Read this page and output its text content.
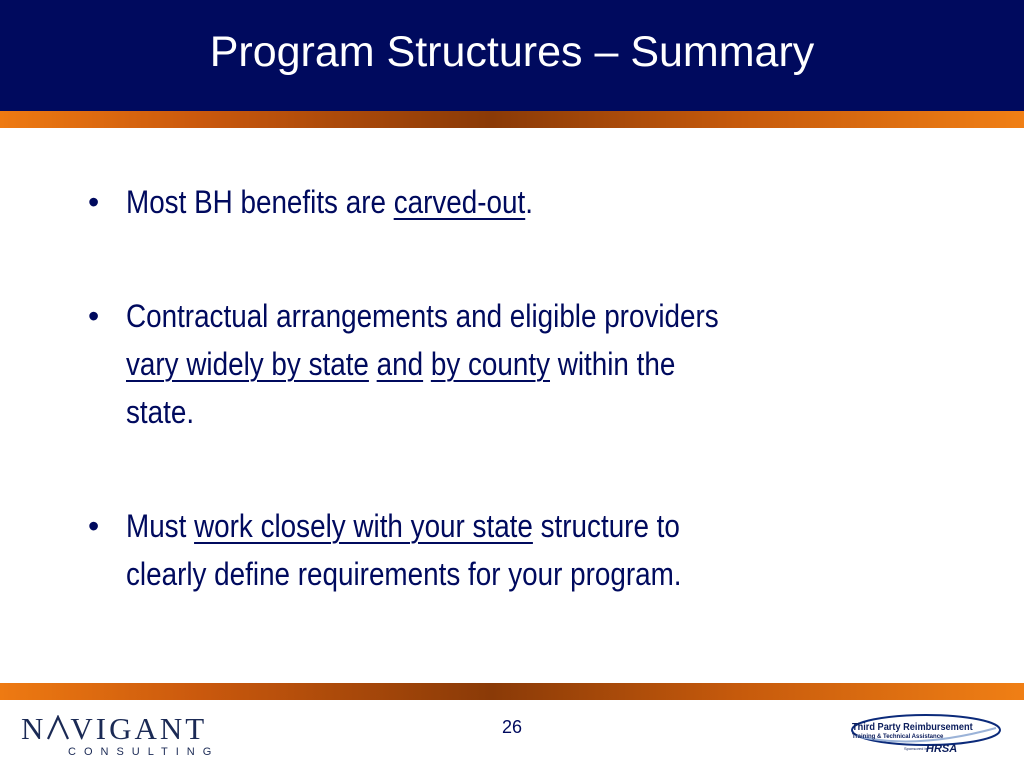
Program Structures – Summary
• Most BH benefits are carved-out.
• Contractual arrangements and eligible providers
vary widely by state and by county within the
state.
• Must work closely with your state structure to
clearly define requirements for your program.
N VIGANT
CONSULTING
26	Third Party Reimbursement
Training & Technical Assistance
Sponsored by
HRSA
